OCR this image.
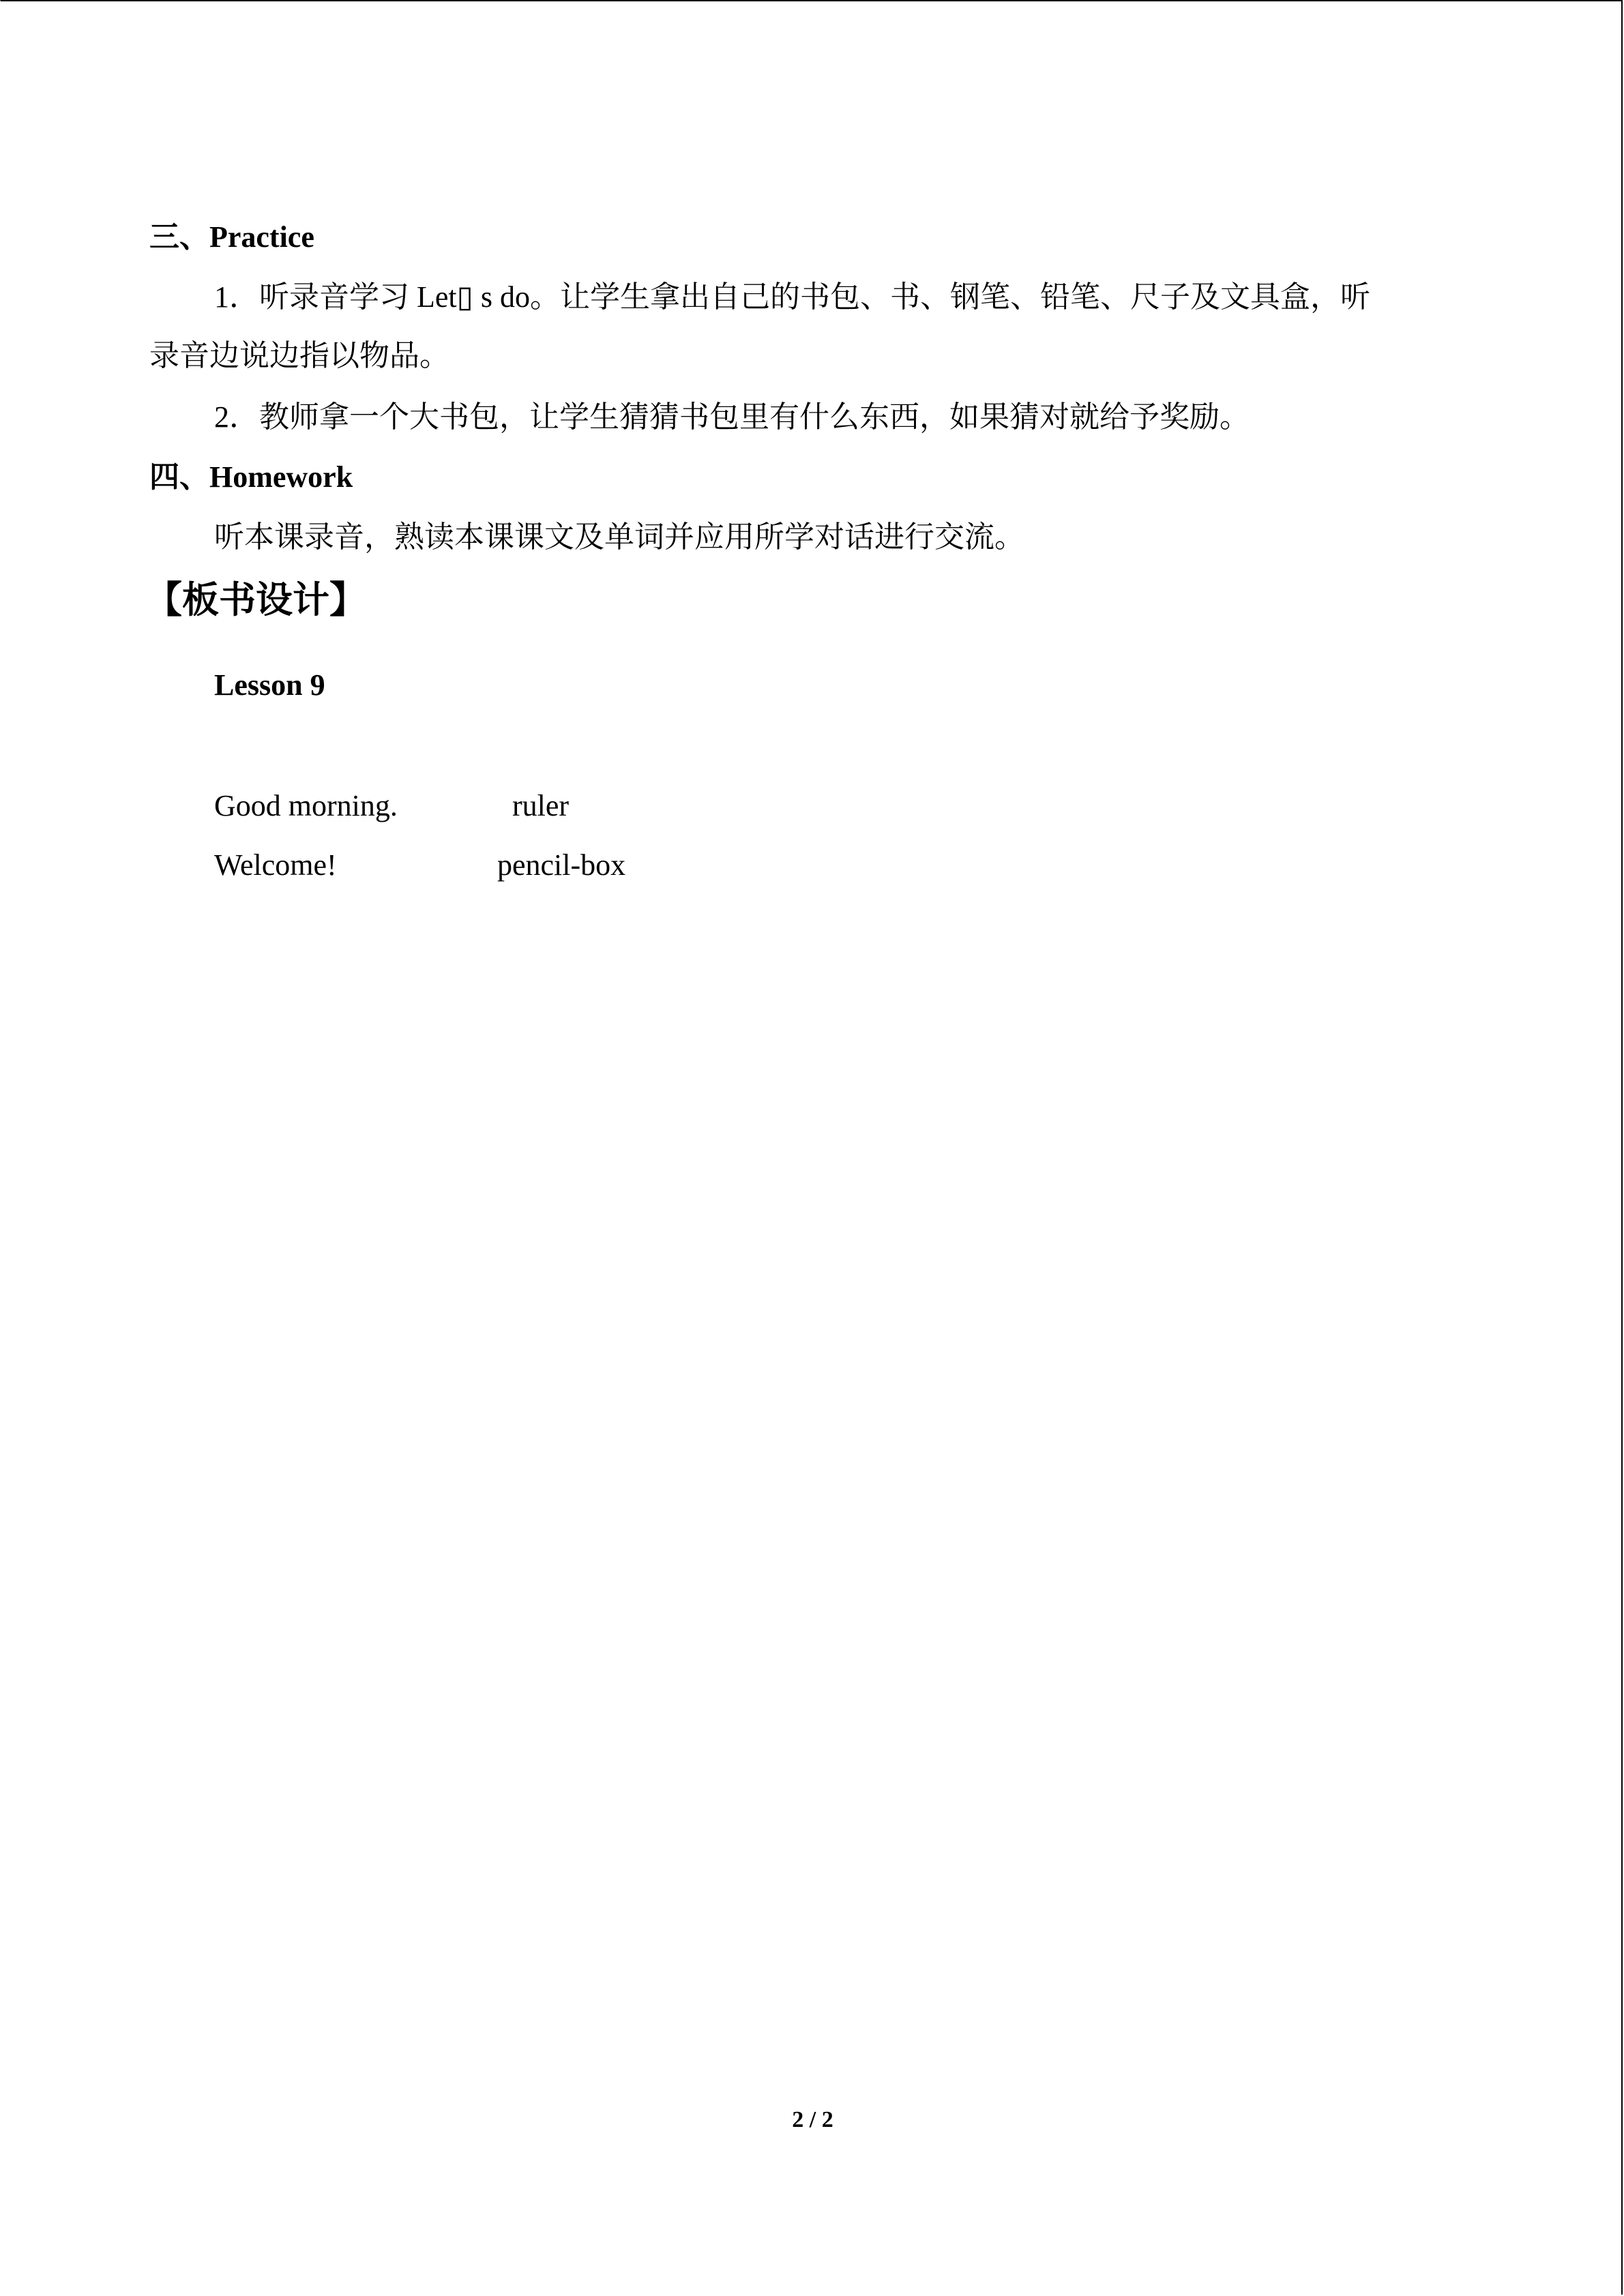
三、Practice
1．听录音学习 Let▯ s do。让学生拿出自己的书包、书、钢笔、铅笔、尺子及文具盒，听
录音边说边指以物品。
2．教师拿一个大书包，让学生猜猜书包里有什么东西，如果猜对就给予奖励。
四、Homework
听本课录音，熟读本课课文及单词并应用所学对话进行交流。
【板书设计】
Lesson 9
Good morning.	ruler
Welcome!	pencil-box
2 / 2
